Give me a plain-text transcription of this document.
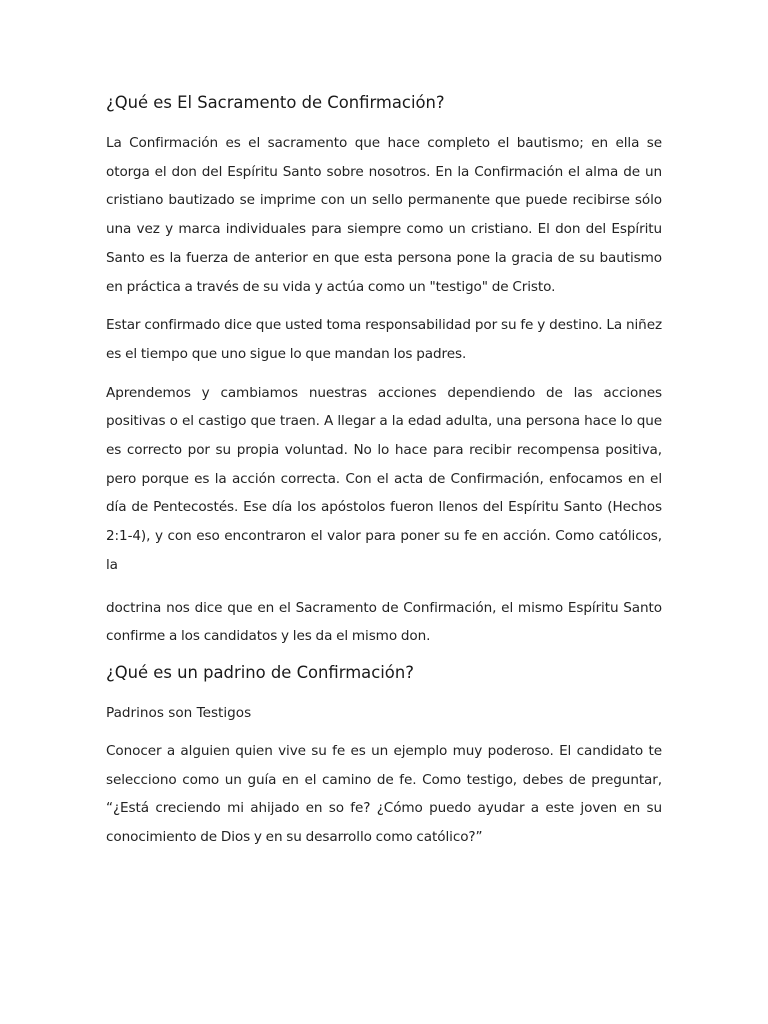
¿Qué es El Sacramento de Confirmación?

La Confirmación es el sacramento que hace completo el bautismo; en ella se otorga el don del Espíritu Santo sobre nosotros. En la Confirmación el alma de un cristiano bautizado se imprime con un sello permanente que puede recibirse sólo una vez y marca individuales para siempre como un cristiano. El don del Espíritu Santo es la fuerza de anterior en que esta persona pone la gracia de su bautismo en práctica a través de su vida y actúa como un "testigo" de Cristo.

Estar confirmado dice que usted toma responsabilidad por su fe y destino. La niñez es el tiempo que uno sigue lo que mandan los padres.

Aprendemos y cambiamos nuestras acciones dependiendo de las acciones positivas o el castigo que traen. A llegar a la edad adulta, una persona hace lo que es correcto por su propia voluntad. No lo hace para recibir recompensa positiva, pero porque es la acción correcta. Con el acta de Confirmación, enfocamos en el día de Pentecostés. Ese día los apóstolos fueron llenos del Espíritu Santo (Hechos 2:1-4), y con eso encontraron el valor para poner su fe en acción. Como católicos, la

doctrina nos dice que en el Sacramento de Confirmación, el mismo Espíritu Santo confirme a los candidatos y les da el mismo don.

¿Qué es un padrino de Confirmación?
Padrinos son Testigos

Conocer a alguien quien vive su fe es un ejemplo muy poderoso. El candidato te selecciono como un guía en el camino de fe. Como testigo, debes de preguntar, “¿Está creciendo mi ahijado en so fe? ¿Cómo puedo ayudar a este joven en su conocimiento de Dios y en su desarrollo como católico?”
